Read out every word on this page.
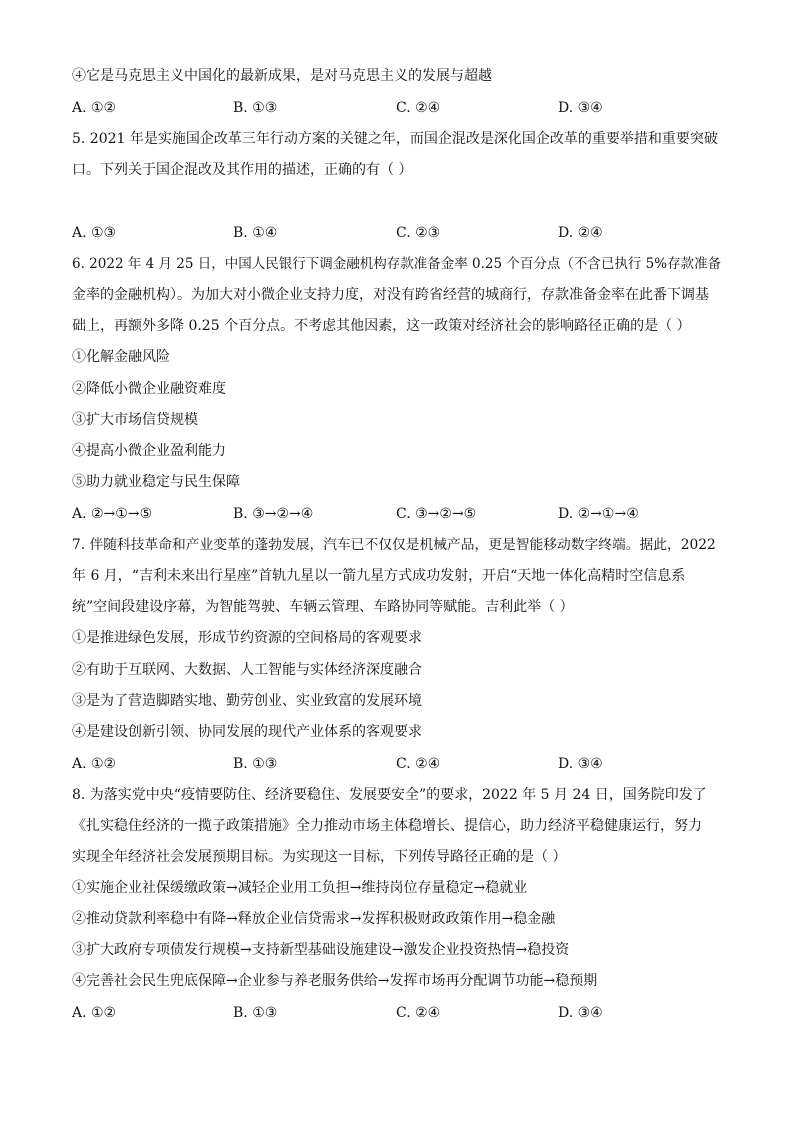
④它是马克思主义中国化的最新成果，是对马克思主义的发展与超越
A. ①②	B. ①③	C. ②④	D. ③④
5. 2021 年是实施国企改革三年行动方案的关键之年，而国企混改是深化国企改革的重要举措和重要突破
口。下列关于国企混改及其作用的描述，正确的有（ ）
A. ①③	B. ①④	C. ②③	D. ②④
6. 2022 年 4 月 25 日，中国人民银行下调金融机构存款准备金率 0.25 个百分点（不含已执行 5%存款准备
金率的金融机构）。为加大对小微企业支持力度，对没有跨省经营的城商行，存款准备金率在此番下调基
础上，再额外多降 0.25 个百分点。不考虑其他因素，这一政策对经济社会的影响路径正确的是（ ）
①化解金融风险
②降低小微企业融资难度
③扩大市场信贷规模
④提高小微企业盈利能力
⑤助力就业稳定与民生保障
A. ②→①→⑤	B. ③→②→④	C. ③→②→⑤	D. ②→①→④
7. 伴随科技革命和产业变革的蓬勃发展，汽车已不仅仅是机械产品，更是智能移动数字终端。据此，2022
年 6 月，“吉利未来出行星座”首轨九星以一箭九星方式成功发射，开启“天地一体化高精时空信息系
统”空间段建设序幕，为智能驾驶、车辆云管理、车路协同等赋能。吉利此举（ ）
①是推进绿色发展，形成节约资源的空间格局的客观要求
②有助于互联网、大数据、人工智能与实体经济深度融合
③是为了营造脚踏实地、勤劳创业、实业致富的发展环境
④是建设创新引领、协同发展的现代产业体系的客观要求
A. ①②	B. ①③	C. ②④	D. ③④
8. 为落实党中央“疫情要防住、经济要稳住、发展要安全”的要求，2022 年 5 月 24 日，国务院印发了
《扎实稳住经济的一揽子政策措施》全力推动市场主体稳增长、提信心，助力经济平稳健康运行，努力
实现全年经济社会发展预期目标。为实现这一目标，下列传导路径正确的是（ ）
①实施企业社保缓缴政策→减轻企业用工负担→维持岗位存量稳定→稳就业
②推动贷款利率稳中有降→释放企业信贷需求→发挥积极财政政策作用→稳金融
③扩大政府专项债发行规模→支持新型基础设施建设→激发企业投资热情→稳投资
④完善社会民生兜底保障→企业参与养老服务供给→发挥市场再分配调节功能→稳预期
A. ①②	B. ①③	C. ②④	D. ③④
